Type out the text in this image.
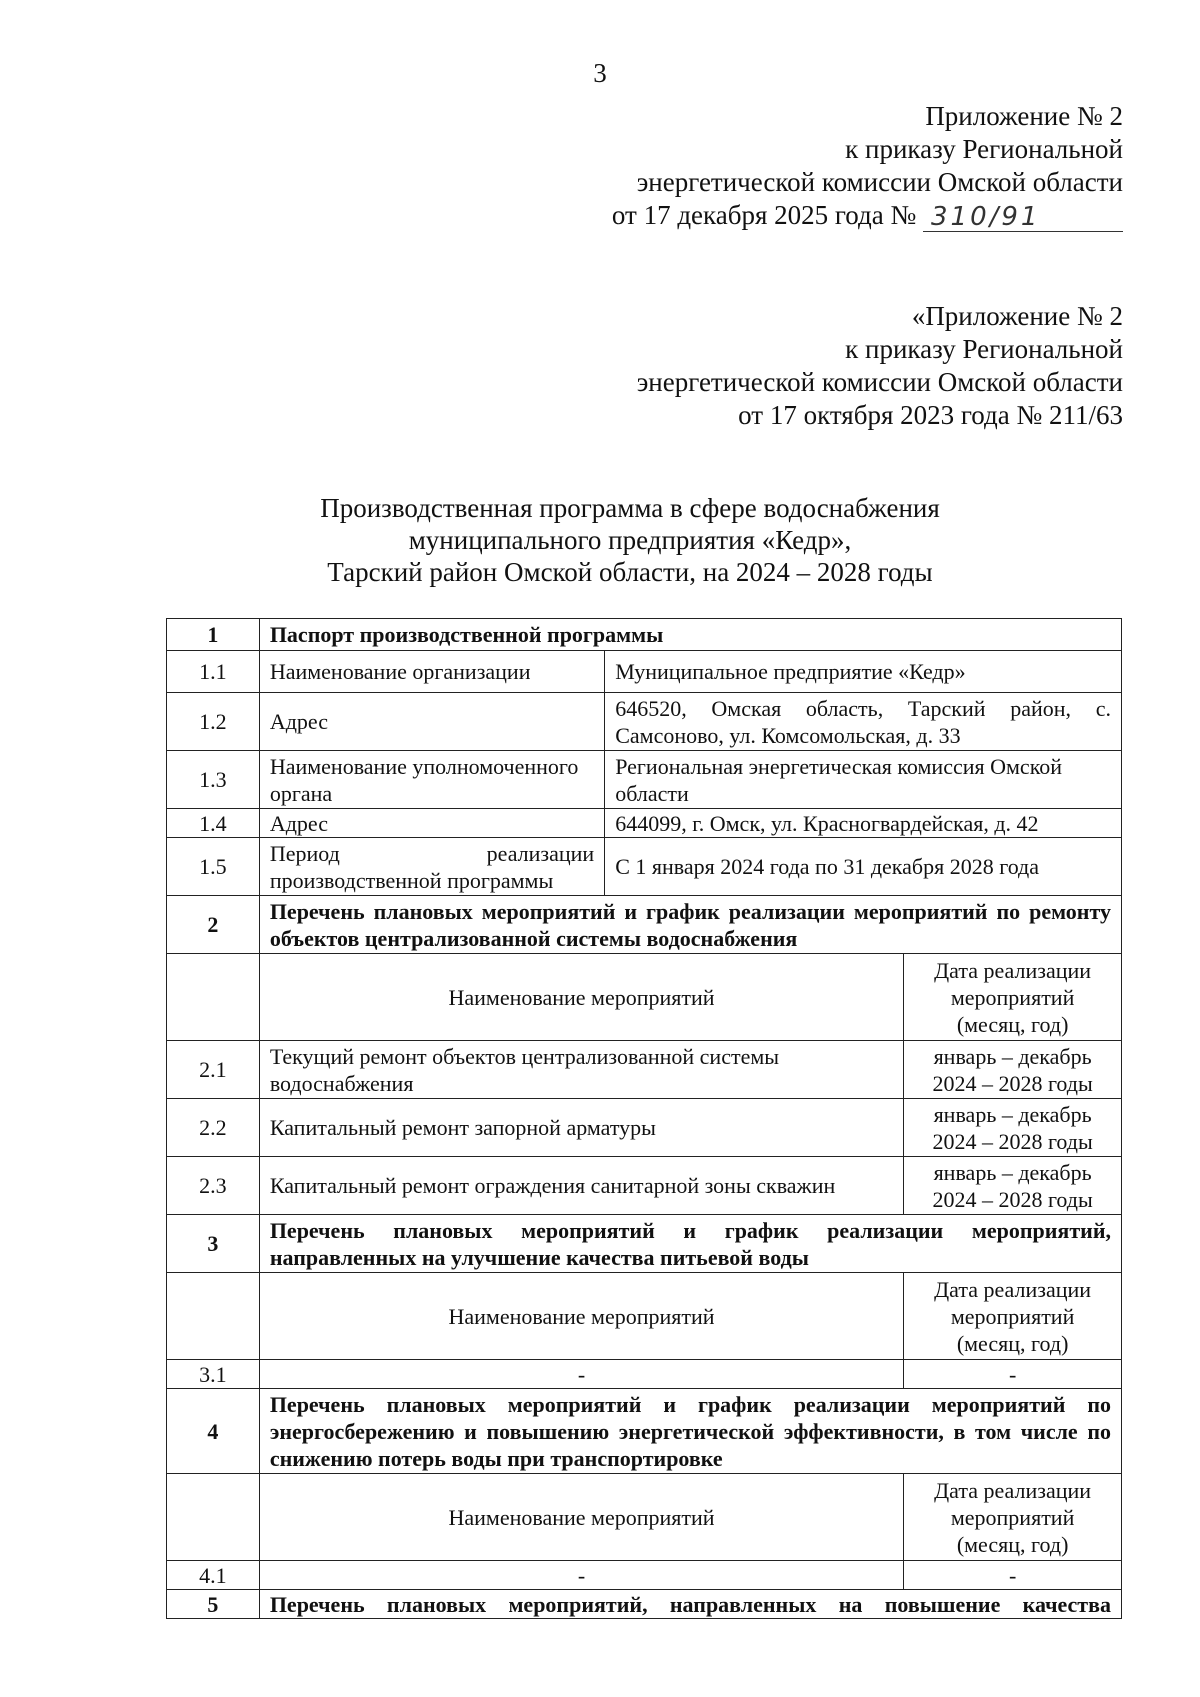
3
Приложение № 2
к приказу Региональной
энергетической комиссии Омской области
от 17 декабря 2025 года № 310/91
«Приложение № 2
к приказу Региональной
энергетической комиссии Омской области
от 17 октября 2023 года № 211/63
Производственная программа в сфере водоснабжения
муниципального предприятия «Кедр»,
Тарский район Омской области, на 2024 – 2028 годы
1	Паспорт производственной программы		
1.1	Наименование организации	Муниципальное предприятие «Кедр»	
1.2	Адрес	646520, Омская область, Тарский район, с. Самсоново, ул. Комсомольская, д. 33	
1.3	Наименование уполномоченного органа	Региональная энергетическая комиссия Омской области	
1.4	Адрес	644099, г. Омск, ул. Красногвардейская, д. 42	
1.5	Период реализации производственной программы	С 1 января 2024 года по 31 декабря 2028 года	
2	Перечень плановых мероприятий и график реализации мероприятий по ремонту объектов централизованной системы водоснабжения		
	Наименование мероприятий		Дата реализации мероприятий (месяц, год)
2.1	Текущий ремонт объектов централизованной системы водоснабжения		январь – декабрь 2024 – 2028 годы
2.2	Капитальный ремонт запорной арматуры		январь – декабрь 2024 – 2028 годы
2.3	Капитальный ремонт ограждения санитарной зоны скважин		январь – декабрь 2024 – 2028 годы
3	Перечень плановых мероприятий и график реализации мероприятий, направленных на улучшение качества питьевой воды		
	Наименование мероприятий		Дата реализации мероприятий (месяц, год)
3.1	-		-
4	Перечень плановых мероприятий и график реализации мероприятий по энергосбережению и повышению энергетической эффективности, в том числе по снижению потерь воды при транспортировке		
	Наименование мероприятий		Дата реализации мероприятий (месяц, год)
4.1	-		-
5	Перечень плановых мероприятий, направленных на повышение качества		
